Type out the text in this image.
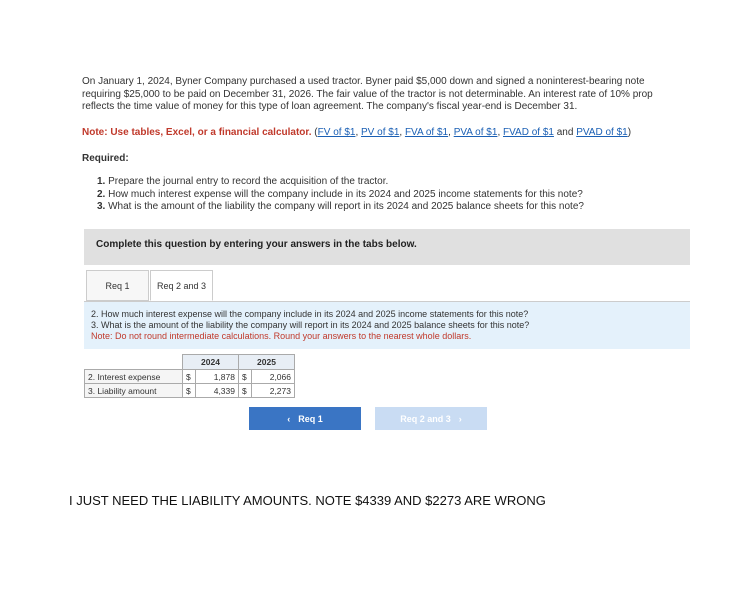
On January 1, 2024, Byner Company purchased a used tractor. Byner paid $5,000 down and signed a noninterest-bearing note
requiring $25,000 to be paid on December 31, 2026. The fair value of the tractor is not determinable. An interest rate of 10% prop
reflects the time value of money for this type of loan agreement. The company's fiscal year-end is December 31.
Note: Use tables, Excel, or a financial calculator. (FV of $1, PV of $1, FVA of $1, PVA of $1, FVAD of $1 and PVAD of $1)
Required:
1. Prepare the journal entry to record the acquisition of the tractor.
2. How much interest expense will the company include in its 2024 and 2025 income statements for this note?
3. What is the amount of the liability the company will report in its 2024 and 2025 balance sheets for this note?
Complete this question by entering your answers in the tabs below.
Req 1	Req 2 and 3
2. How much interest expense will the company include in its 2024 and 2025 income statements for this note?
3. What is the amount of the liability the company will report in its 2024 and 2025 balance sheets for this note?
Note: Do not round intermediate calculations. Round your answers to the nearest whole dollars.
	2024		2025	
2. Interest expense	$	1,878	$	2,066
3. Liability amount	$	4,339	$	2,273
‹ Req 1	Req 2 and 3 ›
I JUST NEED THE LIABILITY AMOUNTS. NOTE $4339 AND $2273 ARE WRONG
